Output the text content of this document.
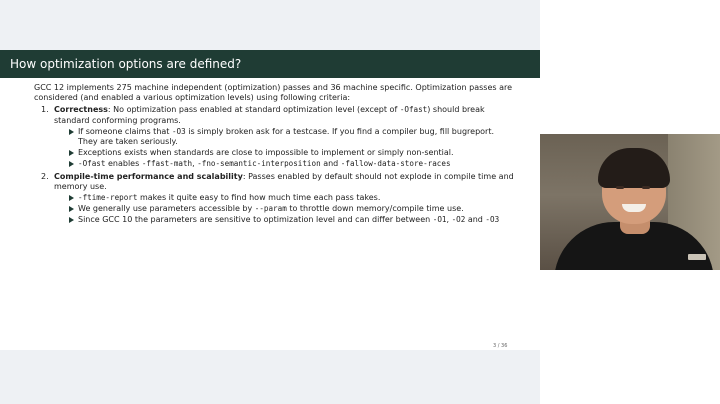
How optimization options are defined?

GCC 12 implements 275 machine independent (optimization) passes and 36 machine specific. Optimization passes are considered (and enabled a various optimization levels) using following criteria:

1. Correctness: No optimization pass enabled at standard optimization level (except of -Ofast) should break standard conforming programs.
If someone claims that -O3 is simply broken ask for a testcase. If you find a compiler bug, fill bugreport. They are taken seriously.
Exceptions exists when standards are close to impossible to implement or simply non-sential.
-Ofast enables -ffast-math, -fno-semantic-interposition and -fallow-data-store-races
2. Compile-time performance and scalability: Passes enabled by default should not explode in compile time and memory use.
-ftime-report makes it quite easy to find how much time each pass takes.
We generally use parameters accessible by --param to throttle down memory/compile time use.
Since GCC 10 the parameters are sensitive to optimization level and can differ between -O1, -O2 and -O3
3 / 36
